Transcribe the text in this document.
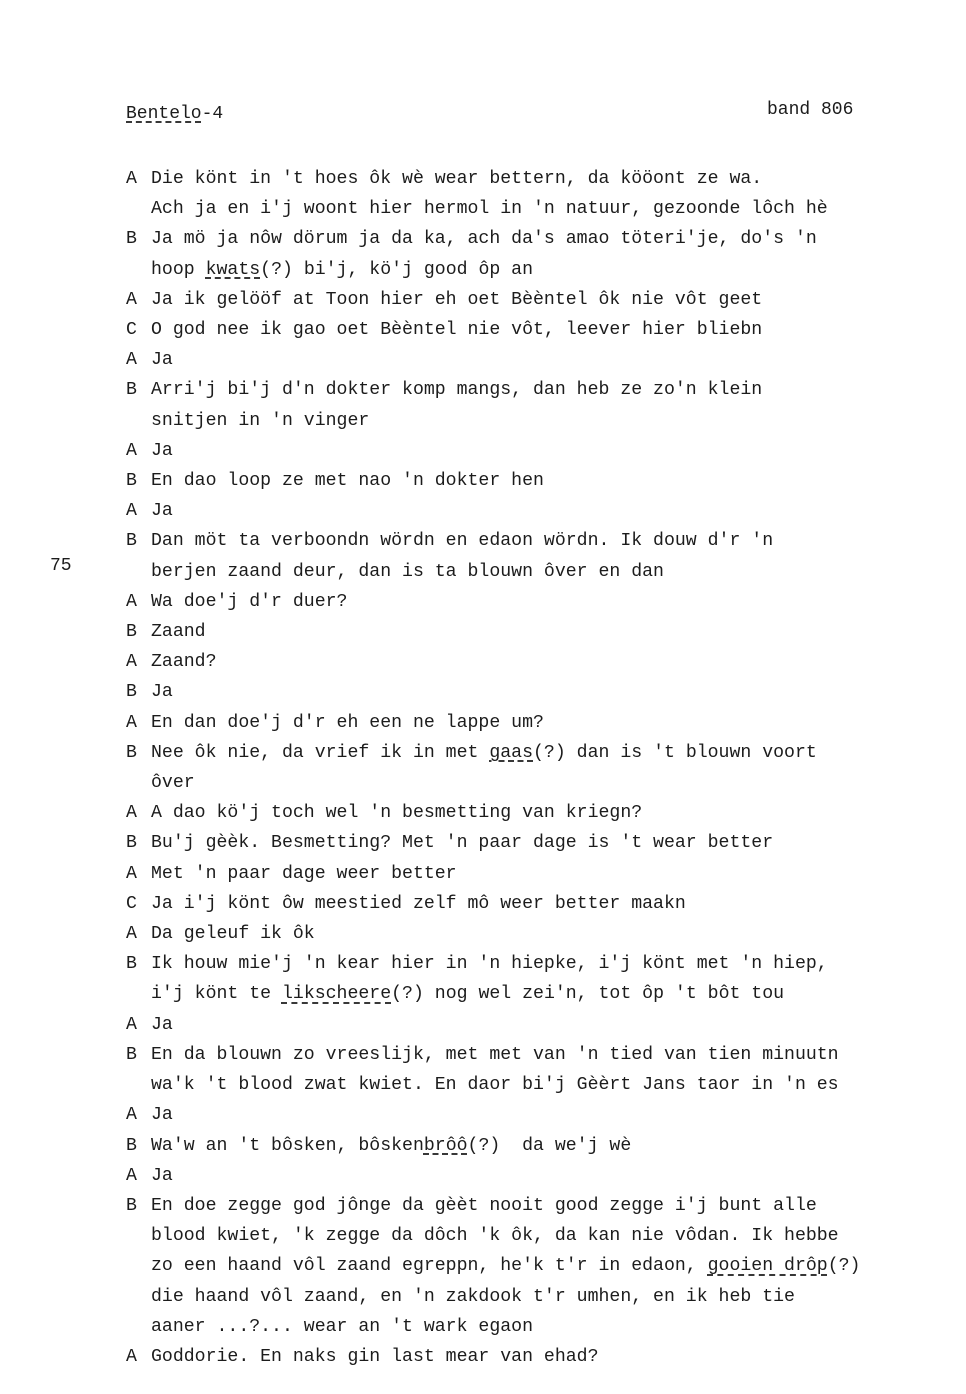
Bentelo-4	band 806
75
A Die könt in 't hoes ôk wè wear bettern, da kööont ze wa.
Ach ja en i'j woont hier hermol in 'n natuur, gezoonde lôch hè
B Ja mö ja nôw dörum ja da ka, ach da's amao töteri'je, do's 'n
hoop kwats(?) bi'j, kö'j good ôp an
A Ja ik gelööf at Toon hier eh oet Bèèntel ôk nie vôt geet
C O god nee ik gao oet Bèèntel nie vôt, leever hier bliebn
A Ja
B Arri'j bi'j d'n dokter komp mangs, dan heb ze zo'n klein
snitjen in 'n vinger
A Ja
B En dao loop ze met nao 'n dokter hen
A Ja
B Dan möt ta verboondn wördn en edaon wördn. Ik douw d'r 'n
berjen zaand deur, dan is ta blouwn ôver en dan
A Wa doe'j d'r duer?
B Zaand
A Zaand?
B Ja
A En dan doe'j d'r eh een ne lappe um?
B Nee ôk nie, da vrief ik in met gaas(?) dan is 't blouwn voort
ôver
A A dao kö'j toch wel 'n besmetting van kriegn?
B Bu'j gèèk. Besmetting? Met 'n paar dage is 't wear better
A Met 'n paar dage weer better
C Ja i'j könt ôw meestied zelf mô weer better maakn
A Da geleuf ik ôk
B Ik houw mie'j 'n kear hier in 'n hiepke, i'j könt met 'n hiep,
i'j könt te likscheere(?) nog wel zei'n, tot ôp 't bôt tou
A Ja
B En da blouwn zo vreeslijk, met met van 'n tied van tien minuutn
wa'k 't blood zwat kwiet. En daor bi'j Gèèrt Jans taor in 'n es
A Ja
B Wa'w an 't bôsken, bôskenbrôô(?)  da we'j wè
A Ja
B En doe zegge god jônge da gèèt nooit good zegge i'j bunt alle
blood kwiet, 'k zegge da dôch 'k ôk, da kan nie vôdan. Ik hebbe
zo een haand vôl zaand egreppn, he'k t'r in edaon, gooien drôp(?)
die haand vôl zaand, en 'n zakdook t'r umhen, en ik heb tie
aaner ...?... wear an 't wark egaon
A Goddorie. En naks gin last mear van ehad?
